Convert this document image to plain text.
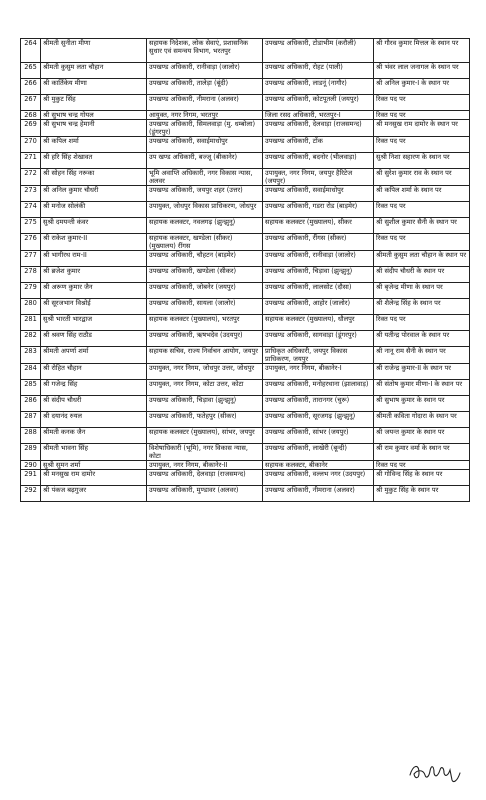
264	श्रीमती सुनीता मीणा	सहायक निदेशक, लोक सेवाएं, प्रशासनिक सुधार एवं समन्वय विभाग, भरतपुर	उपखण्ड अधिकारी, टोडाभीम (करौली)	श्री गौरव कुमार मित्तल के स्थान पर
265	श्रीमती कुसुम लता चौहान	उपखण्ड अधिकारी, रानीवाड़ा (जालोर)	उपखण्ड अधिकारी, रोहट (पाली)	श्री भंवर लाल जनागल के स्थान पर
266	श्री कार्तिकेय मीणा	उपखण्ड अधिकारी, तालेड़ा (बूंदी)	उपखण्ड अधिकारी, लाडनूं (नागौर)	श्री अनिल कुमार-I के स्थान पर
267	श्री मुकुट सिंह	उपखण्ड अधिकारी, नीमराना (अलवर)	उपखण्ड अधिकारी, कोटपूतली (जयपुर)	रिक्त पद पर
268	श्री सुभाष चन्द्र गोयल	आयुक्त, नगर निगम, भरतपुर	जिला रसद अधिकारी, भरतपुर-I	रिक्त पद पर
269	श्री सुभाष चन्द्र हेमानी	उपखण्ड अधिकारी, सिमलवाड़ा (मु. धम्बोला) (डूंगरपुर)	उपखण्ड अधिकारी, देलवाड़ा (राजसमन्द)	श्री मनसुख राम दामोर के स्थान पर
270	श्री कपिल शर्मा	उपखण्ड अधिकारी, सवाईमाधोपुर	उपखण्ड अधिकारी, टोंक	रिक्त पद पर
271	श्री हरि सिंह शेखावत	उप खण्ड अधिकारी, बज्जू (बीकानेर)	उपखण्ड अधिकारी, बदनोर (भीलवाड़ा)	सुश्री निशा सहारण के स्थान पर
272	श्री सोहन सिंह नरूका	भूमि अवाप्ति अधिकारी, नगर विकास न्यास, अलवर	उपायुक्त, नगर निगम, जयपुर हैरिटेज (जयपुर)	श्री सुरेश कुमार राव के स्थान पर
273	श्री अनिल कुमार चौधरी	उपखण्ड अधिकारी, जयपुर शहर (उत्तर)	उपखण्ड अधिकारी, सवाईमाधोपुर	श्री कपिल शर्मा के स्थान पर
274	श्री मनोज सोलंकी	उपायुक्त, जोधपुर विकास प्राधिकरण, जोधपुर	उपखण्ड अधिकारी, गडरा रोड (बाड़मेर)	रिक्त पद पर
275	सुश्री दमयन्ती कंवर	सहायक कलक्टर, नवलगढ़ (झुन्झुनू)	सहायक कलक्टर (मुख्यालय), सीकर	श्री सुशील कुमार सैनी के स्थान पर
276	श्री राकेश कुमार-II	सहायक कलक्टर, खण्डेला (सीकर) (मुख्यालय) रींगस	उपखण्ड अधिकारी, रींगस (सीकर)	रिक्त पद पर
277	श्री भागीरथ राम-II	उपखण्ड अधिकारी, चौहटन (बाड़मेर)	उपखण्ड अधिकारी, रानीवाड़ा (जालोर)	श्रीमती कुसुम लता चौहान के स्थान पर
278	श्री ब्रजेश कुमार	उपखण्ड अधिकारी, खण्डेला (सीकर)	उपखण्ड अधिकारी, चिड़ावा (झुन्झुनू)	श्री संदीप चौधरी के स्थान पर
279	श्री अरूण कुमार जैन	उपखण्ड अधिकारी, जोबनेर (जयपुर)	उपखण्ड अधिकारी, लालसोट (दौसा)	श्री बृजेन्द्र मीणा के स्थान पर
280	श्री सूरजभान विश्नोई	उपखण्ड अधिकारी, सायला (जालोर)	उपखण्ड अधिकारी, आहोर (जालोर)	श्री शैलेन्द्र सिंह के स्थान पर
281	सुश्री भारती भारद्वाज	सहायक कलक्टर (मुख्यालय), भरतपुर	सहायक कलक्टर (मुख्यालय), धौलपुर	रिक्त पद पर
282	श्री श्रवण सिंह राठौड	उपखण्ड अधिकारी, ऋषभदेव (उदयपुर)	उपखण्ड अधिकारी, सागवाड़ा (डूंगरपुर)	श्री यतीन्द्र पोरवाल के स्थान पर
283	श्रीमती अपर्णा शर्मा	सहायक सचिव, राज्य निर्वाचन आयोग, जयपुर	प्राधिकृत अधिकारी, जयपुर विकास प्राधिकरण, जयपुर	श्री नानू राम सैनी के स्थान पर
284	श्री रोहित चौहान	उपायुक्त, नगर निगम, जोधपुर उत्तर, जोधपुर	उपायुक्त, नगर निगम, बीकानेर-I	श्री राजेन्द्र कुमार-II के स्थान पर
285	श्री गजेन्द्र सिंह	उपायुक्त, नगर निगम, कोटा उत्तर, कोटा	उपखण्ड अधिकारी, मनोहरथाना (झालावाड़)	श्री संतोष कुमार मीणा-I के स्थान पर
286	श्री संदीप चौधरी	उपखण्ड अधिकारी, चिड़ावा (झुन्झुनू)	उपखण्ड अधिकारी, तारानगर (चुरू)	श्री सुभाष कुमार के स्थान पर
287	श्री दयानंद रुयल	उपखण्ड अधिकारी, फतेहपुर (सीकर)	उपखण्ड अधिकारी, सूरजगढ़ (झुन्झुनू)	श्रीमती कविता गोदारा के स्थान पर
288	श्रीमती कनक जैन	सहायक कलक्टर (मुख्यालय), सांभर, जयपुर	उपखण्ड अधिकारी, सांभर (जयपुर)	श्री जयन्त कुमार के स्थान पर
289	श्रीमती भावना सिंह	विशेषाधिकारी (भूमि), नगर विकास न्यास, कोटा	उपखण्ड अधिकारी, लाखेरी (बून्दी)	श्री राम कुमार वर्मा के स्थान पर
290	सुश्री सुमन शर्मा	उपायुक्त, नगर निगम, बीकानेर-II	सहायक कलक्टर, बीकानेर	रिक्त पद पर
291	श्री मनसुख राम दामोर	उपखण्ड अधिकारी, देलवाड़ा (राजसमन्द)	उपखण्ड अधिकारी, वल्लभ नगर (उदयपुर)	श्री गोविन्द सिंह के स्थान पर
292	श्री पंकज बढ़गुजर	उपखण्ड अधिकारी, मुण्डावर (अलवर)	उपखण्ड अधिकारी, नीमराना (अलवर)	श्री मुकुट सिंह के स्थान पर
